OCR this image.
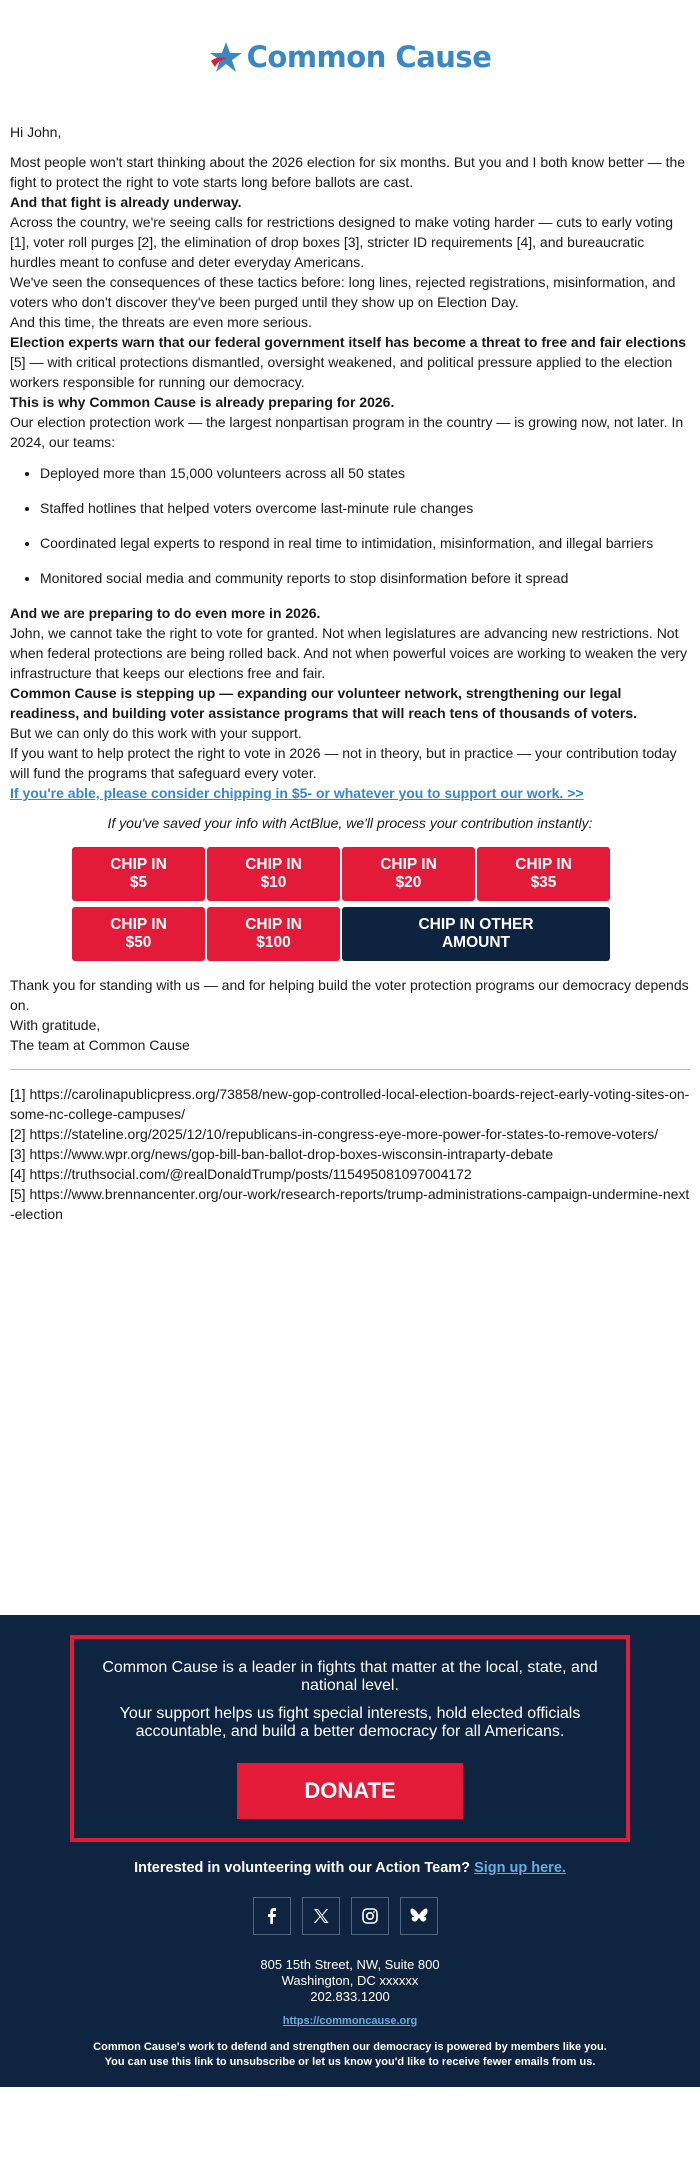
Common Cause

Hi John,

Most people won't start thinking about the 2026 election for six months. But you and I both know better — the fight to protect the right to vote starts long before ballots are cast.

And that fight is already underway.

Across the country, we're seeing calls for restrictions designed to make voting harder — cuts to early voting [1], voter roll purges [2], the elimination of drop boxes [3], stricter ID requirements [4], and bureaucratic hurdles meant to confuse and deter everyday Americans.

We've seen the consequences of these tactics before: long lines, rejected registrations, misinformation, and voters who don't discover they've been purged until they show up on Election Day.

And this time, the threats are even more serious.

Election experts warn that our federal government itself has become a threat to free and fair elections [5] — with critical protections dismantled, oversight weakened, and political pressure applied to the election workers responsible for running our democracy.

This is why Common Cause is already preparing for 2026.

Our election protection work — the largest nonpartisan program in the country — is growing now, not later. In 2024, our teams:

• Deployed more than 15,000 volunteers across all 50 states
• Staffed hotlines that helped voters overcome last-minute rule changes
• Coordinated legal experts to respond in real time to intimidation, misinformation, and illegal barriers
• Monitored social media and community reports to stop disinformation before it spread

And we are preparing to do even more in 2026.

John, we cannot take the right to vote for granted. Not when legislatures are advancing new restrictions. Not when federal protections are being rolled back. And not when powerful voices are working to weaken the very infrastructure that keeps our elections free and fair.

Common Cause is stepping up — expanding our volunteer network, strengthening our legal readiness, and building voter assistance programs that will reach tens of thousands of voters.

But we can only do this work with your support.

If you want to help protect the right to vote in 2026 — not in theory, but in practice — your contribution today will fund the programs that safeguard every voter.

If you're able, please consider chipping in $5- or whatever you to support our work. >>

If you've saved your info with ActBlue, we'll process your contribution instantly:

CHIP IN
$5
CHIP IN
$10
CHIP IN
$20
CHIP IN
$35
CHIP IN
$50
CHIP IN
$100
CHIP IN OTHER
AMOUNT

Thank you for standing with us — and for helping build the voter protection programs our democracy depends on.

With gratitude,

The team at Common Cause

[1] https://carolinapublicpress.org/73858/new-gop-controlled-local-election-boards-reject-early-voting-sites-on-some-nc-college-campuses/

[2] https://stateline.org/2025/12/10/republicans-in-congress-eye-more-power-for-states-to-remove-voters/

[3] https://www.wpr.org/news/gop-bill-ban-ballot-drop-boxes-wisconsin-intraparty-debate

[4] https://truthsocial.com/@realDonaldTrump/posts/115495081097004172

[5] https://www.brennancenter.org/our-work/research-reports/trump-administrations-campaign-undermine-next-election

Common Cause is a leader in fights that matter at the local, state, and national level.

Your support helps us fight special interests, hold elected officials accountable, and build a better democracy for all Americans.

DONATE
Interested in volunteering with our Action Team? Sign up here.
805 15th Street, NW, Suite 800
Washington, DC xxxxxx
202.833.1200
https://commoncause.org
Common Cause's work to defend and strengthen our democracy is powered by members like you.
You can use this link to unsubscribe or let us know you'd like to receive fewer emails from us.
